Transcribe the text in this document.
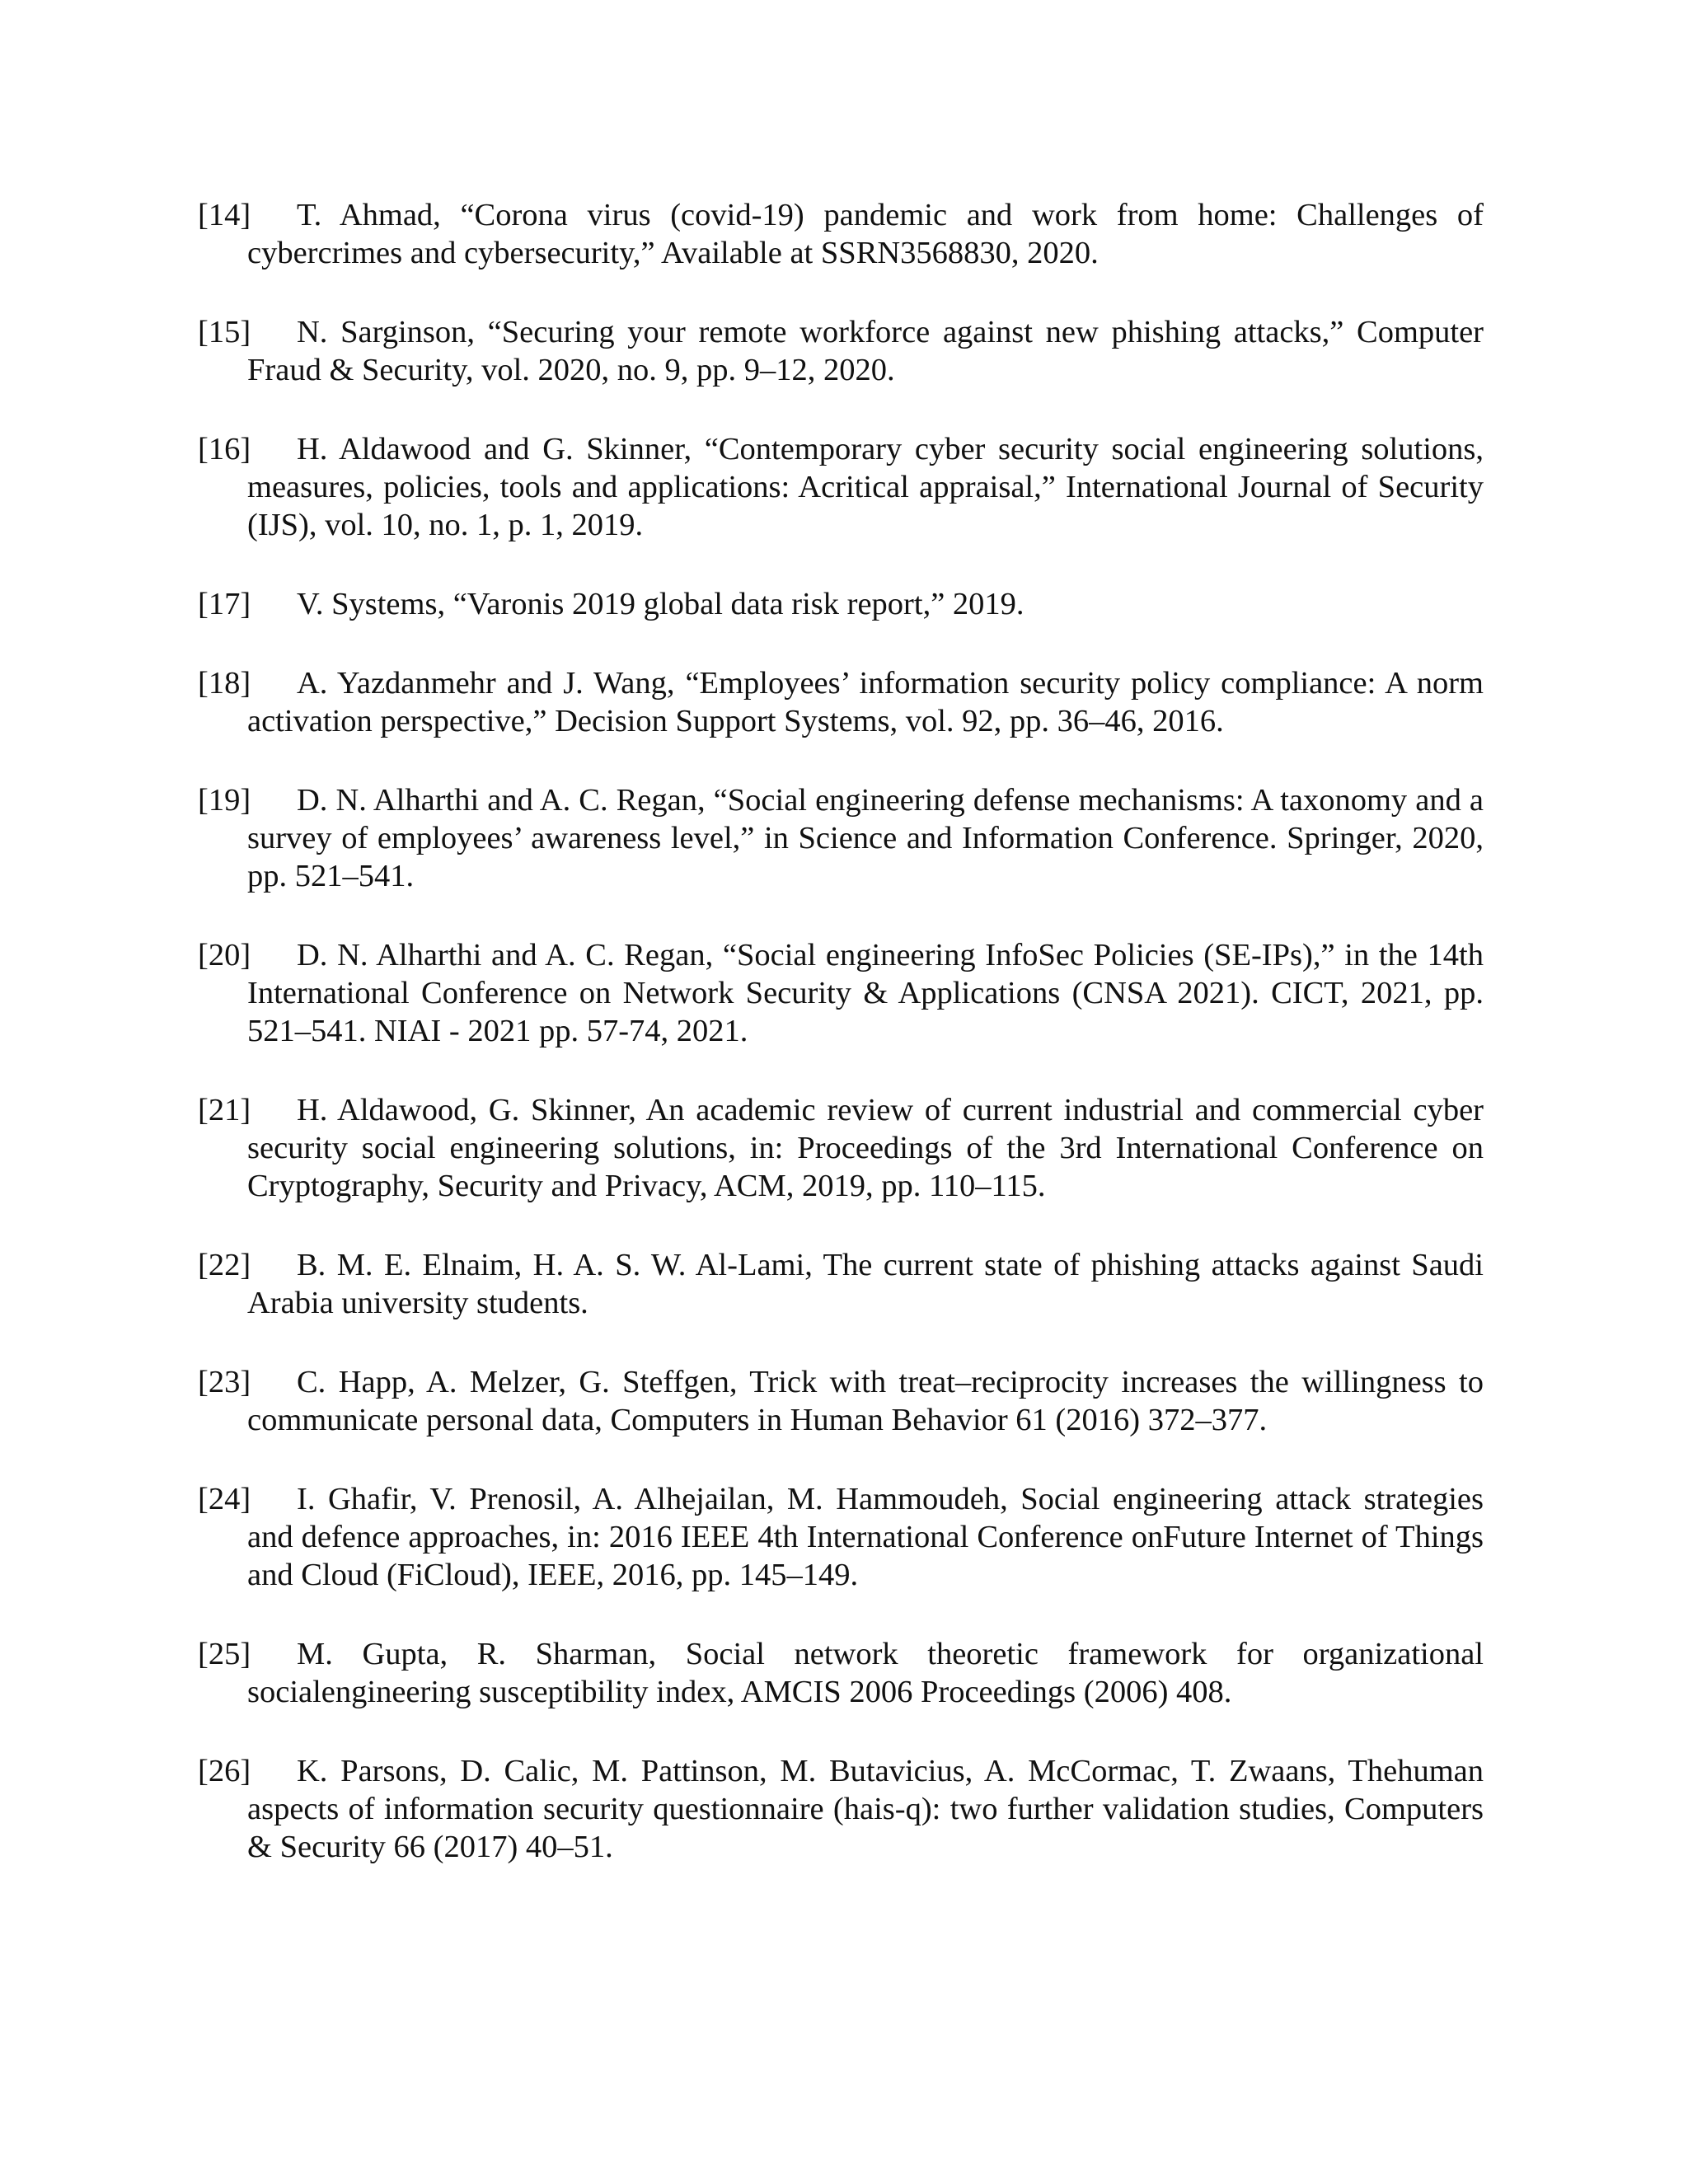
[14] T. Ahmad, “Corona virus (covid-19) pandemic and work from home: Challenges of cybercrimes and cybersecurity,” Available at SSRN3568830, 2020.
[15] N. Sarginson, “Securing your remote workforce against new phishing attacks,” Computer Fraud & Security, vol. 2020, no. 9, pp. 9–12, 2020.
[16] H. Aldawood and G. Skinner, “Contemporary cyber security social engineering solutions, measures, policies, tools and applications: Acritical appraisal,” International Journal of Security (IJS), vol. 10, no. 1, p. 1, 2019.
[17] V. Systems, “Varonis 2019 global data risk report,” 2019.
[18] A. Yazdanmehr and J. Wang, “Employees’ information security policy compliance: A norm activation perspective,” Decision Support Systems, vol. 92, pp. 36–46, 2016.
[19] D. N. Alharthi and A. C. Regan, “Social engineering defense mechanisms: A taxonomy and a survey of employees’ awareness level,” in Science and Information Conference. Springer, 2020, pp. 521–541.
[20] D. N. Alharthi and A. C. Regan, “Social engineering InfoSec Policies (SE-IPs),” in the 14th International Conference on Network Security & Applications (CNSA 2021). CICT, 2021, pp. 521–541. NIAI - 2021 pp. 57-74, 2021.
[21] H. Aldawood, G. Skinner, An academic review of current industrial and commercial cyber security social engineering solutions, in: Proceedings of the 3rd International Conference on Cryptography, Security and Privacy, ACM, 2019, pp. 110–115.
[22] B. M. E. Elnaim, H. A. S. W. Al-Lami, The current state of phishing attacks against Saudi Arabia university students.
[23] C. Happ, A. Melzer, G. Steffgen, Trick with treat–reciprocity increases the willingness to communicate personal data, Computers in Human Behavior 61 (2016) 372–377.
[24] I. Ghafir, V. Prenosil, A. Alhejailan, M. Hammoudeh, Social engineering attack strategies and defence approaches, in: 2016 IEEE 4th International Conference onFuture Internet of Things and Cloud (FiCloud), IEEE, 2016, pp. 145–149.
[25] M. Gupta, R. Sharman, Social network theoretic framework for organizational socialengineering susceptibility index, AMCIS 2006 Proceedings (2006) 408.
[26] K. Parsons, D. Calic, M. Pattinson, M. Butavicius, A. McCormac, T. Zwaans, Thehuman aspects of information security questionnaire (hais-q): two further validation studies, Computers & Security 66 (2017) 40–51.
